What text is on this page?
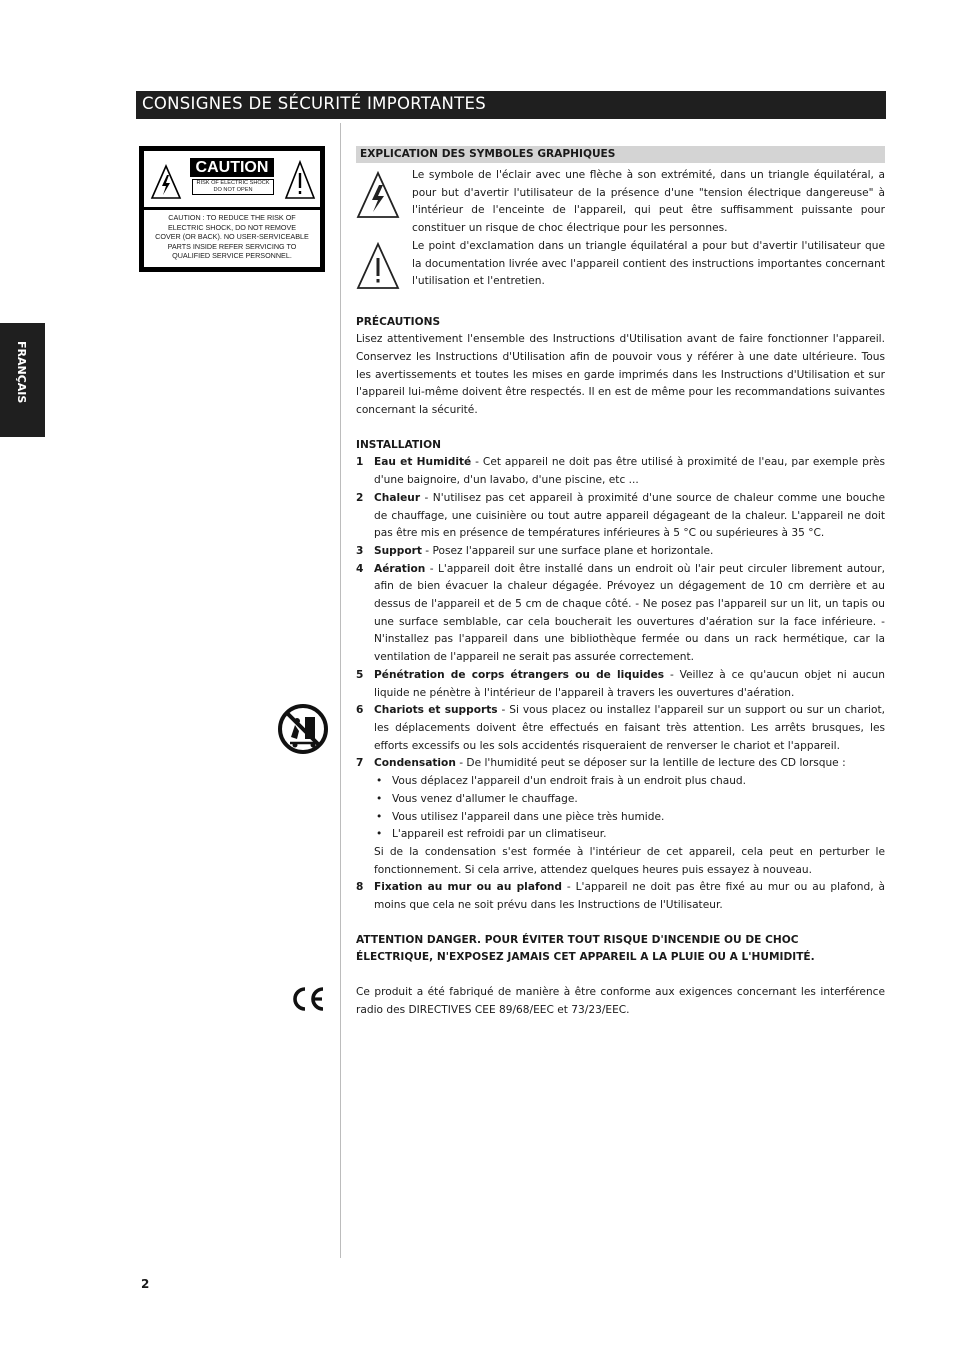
CONSIGNES DE SÉCURITÉ IMPORTANTES
FRANÇAIS
CAUTION
RISK OF ELECTRIC SHOCK
DO NOT OPEN
CAUTION : TO REDUCE THE RISK OF
ELECTRIC SHOCK, DO NOT REMOVE
COVER (OR BACK). NO USER-SERVICEABLE
PARTS INSIDE REFER SERVICING TO
QUALIFIED SERVICE PERSONNEL.
EXPLICATION DES SYMBOLES GRAPHIQUES
Le symbole de l'éclair avec une flèche à son extrémité, dans un triangle équilatéral, a pour but d'avertir l'utilisateur de la présence d'une "tension électrique dangereuse" à l'intérieur de l'enceinte de l'appareil, qui peut être suffisamment puissante pour constituer un risque de choc électrique pour les personnes.
Le point d'exclamation dans un triangle équilatéral a pour but d'avertir l'utilisateur que la documentation livrée avec l'appareil contient des instructions importantes concernant l'utilisation et l'entretien.
PRÉCAUTIONS
Lisez attentivement l'ensemble des Instructions d'Utilisation avant de faire fonctionner l'appareil. Conservez les Instructions d'Utilisation afin de pouvoir vous y référer à une date ultérieure. Tous les avertissements et toutes les mises en garde imprimés dans les Instructions d'Utilisation et sur l'appareil lui-même doivent être respectés. Il en est de même pour les recommandations suivantes concernant la sécurité.
INSTALLATION
1	Eau et Humidité - Cet appareil ne doit pas être utilisé à proximité de l'eau, par exemple près d'une baignoire, d'un lavabo, d'une piscine, etc ...
2	Chaleur - N'utilisez pas cet appareil à proximité d'une source de chaleur comme une bouche de chauffage, une cuisinière ou tout autre appareil dégageant de la chaleur. L'appareil ne doit pas être mis en présence de températures inférieures à 5 °C ou supérieures à 35 °C.
3	Support - Posez l'appareil sur une surface plane et horizontale.
4	Aération - L'appareil doit être installé dans un endroit où l'air peut circuler librement autour, afin de bien évacuer la chaleur dégagée. Prévoyez un dégagement de 10 cm derrière et au dessus de l'appareil et de 5 cm de chaque côté. - Ne posez pas l'appareil sur un lit, un tapis ou une surface semblable, car cela boucherait les ouvertures d'aération sur la face inférieure. - N'installez pas l'appareil dans une bibliothèque fermée ou dans un rack hermétique, car la ventilation de l'appareil ne serait pas assurée correctement.
5	Pénétration de corps étrangers ou de liquides - Veillez à ce qu'aucun objet ni aucun liquide ne pénètre à l'intérieur de l'appareil à travers les ouvertures d'aération.
6	Chariots et supports - Si vous placez ou installez l'appareil sur un support ou sur un chariot, les déplacements doivent être effectués en faisant très attention. Les arrêts brusques, les efforts excessifs ou les sols accidentés risqueraient de renverser le chariot et l'appareil.
7	Condensation - De l'humidité peut se déposer sur la lentille de lecture des CD lorsque :
• Vous déplacez l'appareil d'un endroit frais à un endroit plus chaud.
• Vous venez d'allumer le chauffage.
• Vous utilisez l'appareil dans une pièce très humide.
• L'appareil est refroidi par un climatiseur.
Si de la condensation s'est formée à l'intérieur de cet appareil, cela peut en perturber le fonctionnement. Si cela arrive, attendez quelques heures puis essayez à nouveau.
8	Fixation au mur ou au plafond - L'appareil ne doit pas être fixé au mur ou au plafond, à moins que cela ne soit prévu dans les Instructions de l'Utilisateur.
ATTENTION DANGER. POUR ÉVITER TOUT RISQUE D'INCENDIE OU DE CHOC
ÉLECTRIQUE, N'EXPOSEZ JAMAIS CET APPAREIL A LA PLUIE OU A L'HUMIDITÉ.
Ce produit a été fabriqué de manière à être conforme aux exigences concernant les interférence radio des DIRECTIVES CEE 89/68/EEC et 73/23/EEC.
2
